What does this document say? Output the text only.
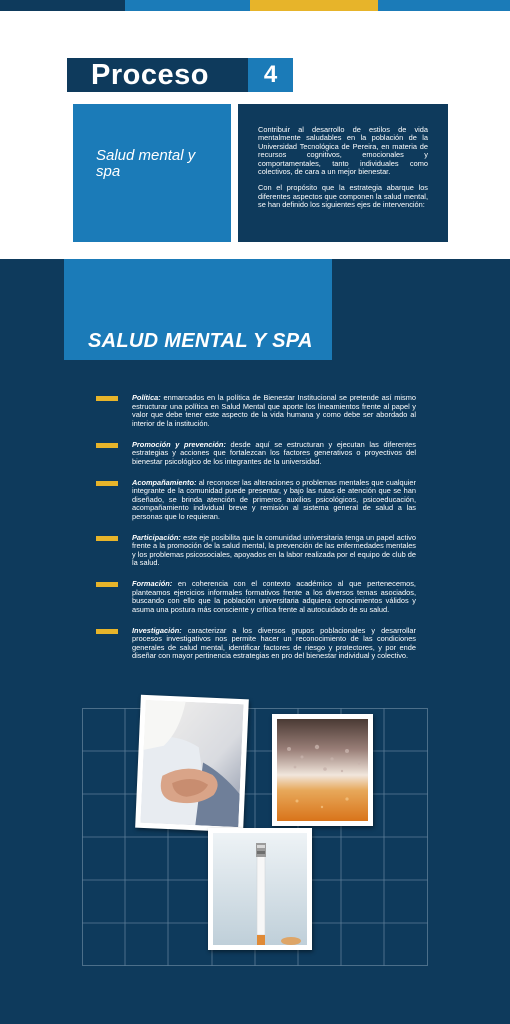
Proceso	4
Salud mental y spa

Contribuir al desarrollo de estilos de vida mentalmente saludables en la población de la Universidad Tecnológica de Pereira, en materia de recursos cognitivos, emocionales y comportamentales, tanto individuales como colectivos, de cara a un mejor bienestar.

Con el propósito que la estrategia abarque los diferentes aspectos que componen la salud mental, se han definido los siguientes ejes de intervención:

SALUD MENTAL Y SPA
Política: enmarcados en la política de Bienestar Institucional se pretende así mismo estructurar una política en Salud Mental que aporte los lineamientos frente al papel y valor que debe tener este aspecto de la vida humana y como debe ser abordado al interior de la institución.
Promoción y prevención: desde aquí se estructuran y ejecutan las diferentes estrategias y acciones que fortalezcan los factores generativos o proyectivos del bienestar psicológico de los integrantes de la universidad.
Acompañamiento: al reconocer las alteraciones o problemas mentales que cualquier integrante de la comunidad puede presentar, y bajo las rutas de atención que se han diseñado, se brinda atención de primeros auxilios psicológicos, psicoeducación, acompañamiento individual breve y remisión al sistema general de salud a las personas que lo requieran.
Participación: este eje posibilita que la comunidad universitaria tenga un papel activo frente a la promoción de la salud mental, la prevención de las enfermedades mentales y los problemas psicosociales, apoyados en la labor realizada por el equipo de club de la salud.
Formación: en coherencia con el contexto académico al que pertenecemos, planteamos ejercicios informales formativos frente a los diversos temas asociados, buscando con ello que la población universitaria adquiera conocimientos válidos y asuma una postura más consciente y crítica frente al autocuidado de su salud.
Investigación: caracterizar a los diversos grupos poblacionales y desarrollar procesos investigativos nos permite hacer un reconocimiento de las condiciones generales de salud mental, identificar factores de riesgo y protectores, y por ende diseñar con mayor pertinencia estrategias en pro del bienestar individual y colectivo.
